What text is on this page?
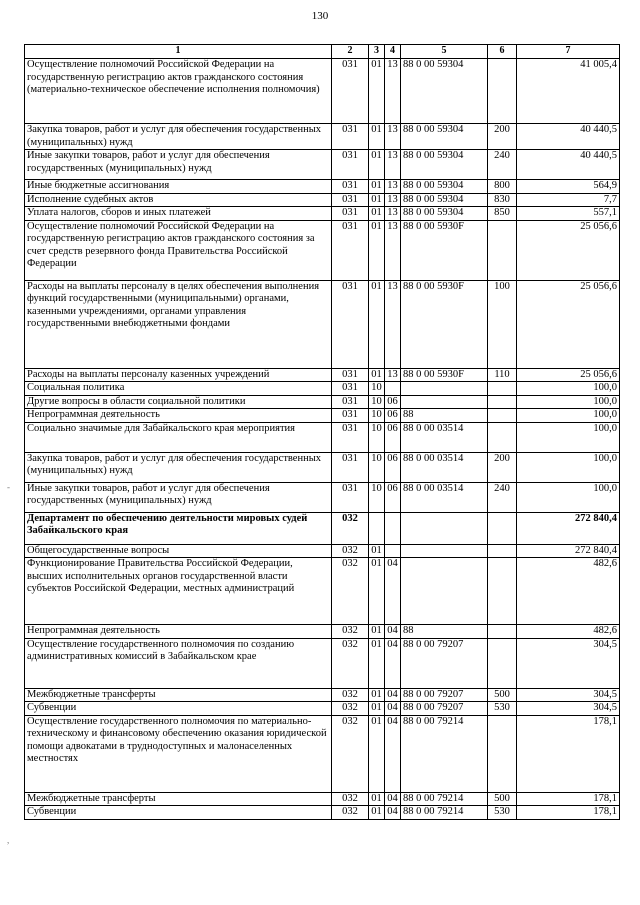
130
1	2	3	4	5	6	7
Осуществление полномочий Российской Федерации на государственную регистрацию актов гражданского состояния (материально-техническое обеспечение исполнения полномочия)	031	01	13	88 0 00 59304		41 005,4
Закупка товаров, работ и услуг для обеспечения государственных (муниципальных) нужд	031	01	13	88 0 00 59304	200	40 440,5
Иные закупки товаров, работ и услуг для обеспечения государственных (муниципальных) нужд	031	01	13	88 0 00 59304	240	40 440,5
Иные бюджетные ассигнования	031	01	13	88 0 00 59304	800	564,9
Исполнение судебных актов	031	01	13	88 0 00 59304	830	7,7
Уплата налогов, сборов и иных платежей	031	01	13	88 0 00 59304	850	557,1
Осуществление полномочий Российской Федерации на государственную регистрацию актов гражданского состояния за счет средств резервного фонда Правительства Российской Федерации	031	01	13	88 0 00 5930F		25 056,6
Расходы на выплаты персоналу в целях обеспечения выполнения функций государственными (муниципальными) органами, казенными учреждениями, органами управления государственными внебюджетными фондами	031	01	13	88 0 00 5930F	100	25 056,6
Расходы на выплаты персоналу казенных учреждений	031	01	13	88 0 00 5930F	110	25 056,6
Социальная политика	031	10				100,0
Другие вопросы в области социальной политики	031	10	06			100,0
Непрограммная деятельность	031	10	06	88		100,0
Социально значимые для Забайкальского края мероприятия	031	10	06	88 0 00 03514		100,0
Закупка товаров, работ и услуг для обеспечения государственных (муниципальных) нужд	031	10	06	88 0 00 03514	200	100,0
Иные закупки товаров, работ и услуг для обеспечения государственных (муниципальных) нужд	031	10	06	88 0 00 03514	240	100,0
Департамент по обеспечению деятельности мировых судей Забайкальского края	032					272 840,4
Общегосударственные вопросы	032	01				272 840,4
Функционирование Правительства Российской Федерации, высших исполнительных органов государственной власти субъектов Российской Федерации, местных администраций	032	01	04			482,6
Непрограммная деятельность	032	01	04	88		482,6
Осуществление государственного полномочия по созданию административных комиссий в Забайкальском крае	032	01	04	88 0 00 79207		304,5
Межбюджетные трансферты	032	01	04	88 0 00 79207	500	304,5
Субвенции	032	01	04	88 0 00 79207	530	304,5
Осуществление государственного полномочия по материально-техническому и финансовому обеспечению оказания юридической помощи адвокатами в труднодоступных и малонаселенных местностях	032	01	04	88 0 00 79214		178,1
Межбюджетные трансферты	032	01	04	88 0 00 79214	500	178,1
Субвенции	032	01	04	88 0 00 79214	530	178,1
-
,
